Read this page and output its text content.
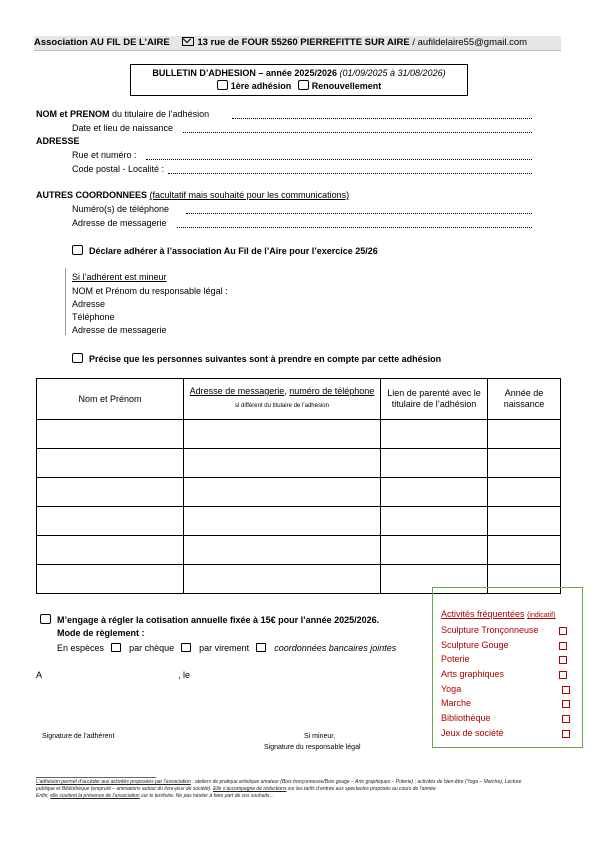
Association AU FIL DE L’AIRE	13 rue de FOUR 55260 PIERREFITTE SUR AIRE / aufildelaire55@gmail.com
BULLETIN D’ADHESION – année 2025/2026 (01/09/2025 à 31/08/2026)
1ère adhésion Renouvellement
NOM et PRENOM du titulaire de l’adhésion
Date et lieu de naissance
ADRESSE
Rue et numéro :
Code postal - Localité :
AUTRES COORDONNEES (facultatif mais souhaité pour les communications)
Numéro(s) de téléphone
Adresse de messagerie
Déclare adhérer à l’association Au Fil de l’Aire pour l’exercice 25/26
Si l’adhérent est mineur
NOM et Prénom du responsable légal :
Adresse
Téléphone
Adresse de messagerie
Précise que les personnes suivantes sont à prendre en compte par cette adhésion
Nom et Prénom	Adresse de messagerie, numéro de téléphone si différent du titulaire de l’adhésion	Lien de parenté avec le titulaire de l’adhésion	Année de naissance

Activités fréquentées (indicatif)
Sculpture Tronçonneuse
Sculpture Gouge
Poterie
Arts graphiques
Yoga
Marche
Bibliothèque
Jeux de société
M’engage à régler la cotisation annuelle fixée à 15€ pour l’année 2025/2026.
Mode de règlement :
En espèces	par chèque	par virement	coordonnées bancaires jointes
A	, le
Signature de l’adhérent	Si mineur,
Signature du responsable légal
L’adhésion permet d’accéder aux activités proposées par l’association : ateliers de pratique artistique amateur (Bois tronçonneuse/Bois gouge – Arts graphiques – Poterie) ; activités de bien-être (Yoga – Marche), Lecture
publique et Bibliothèque (emprunt – animations autour du livre-jeux de société). Elle s’accompagne de réductions sur les tarifs d’entrée aux spectacles proposés au cours de l’année.
Enfin, elle soutient la présence de l’association sur le territoire. Ne pas hésiter à faire part de vos souhaits…
